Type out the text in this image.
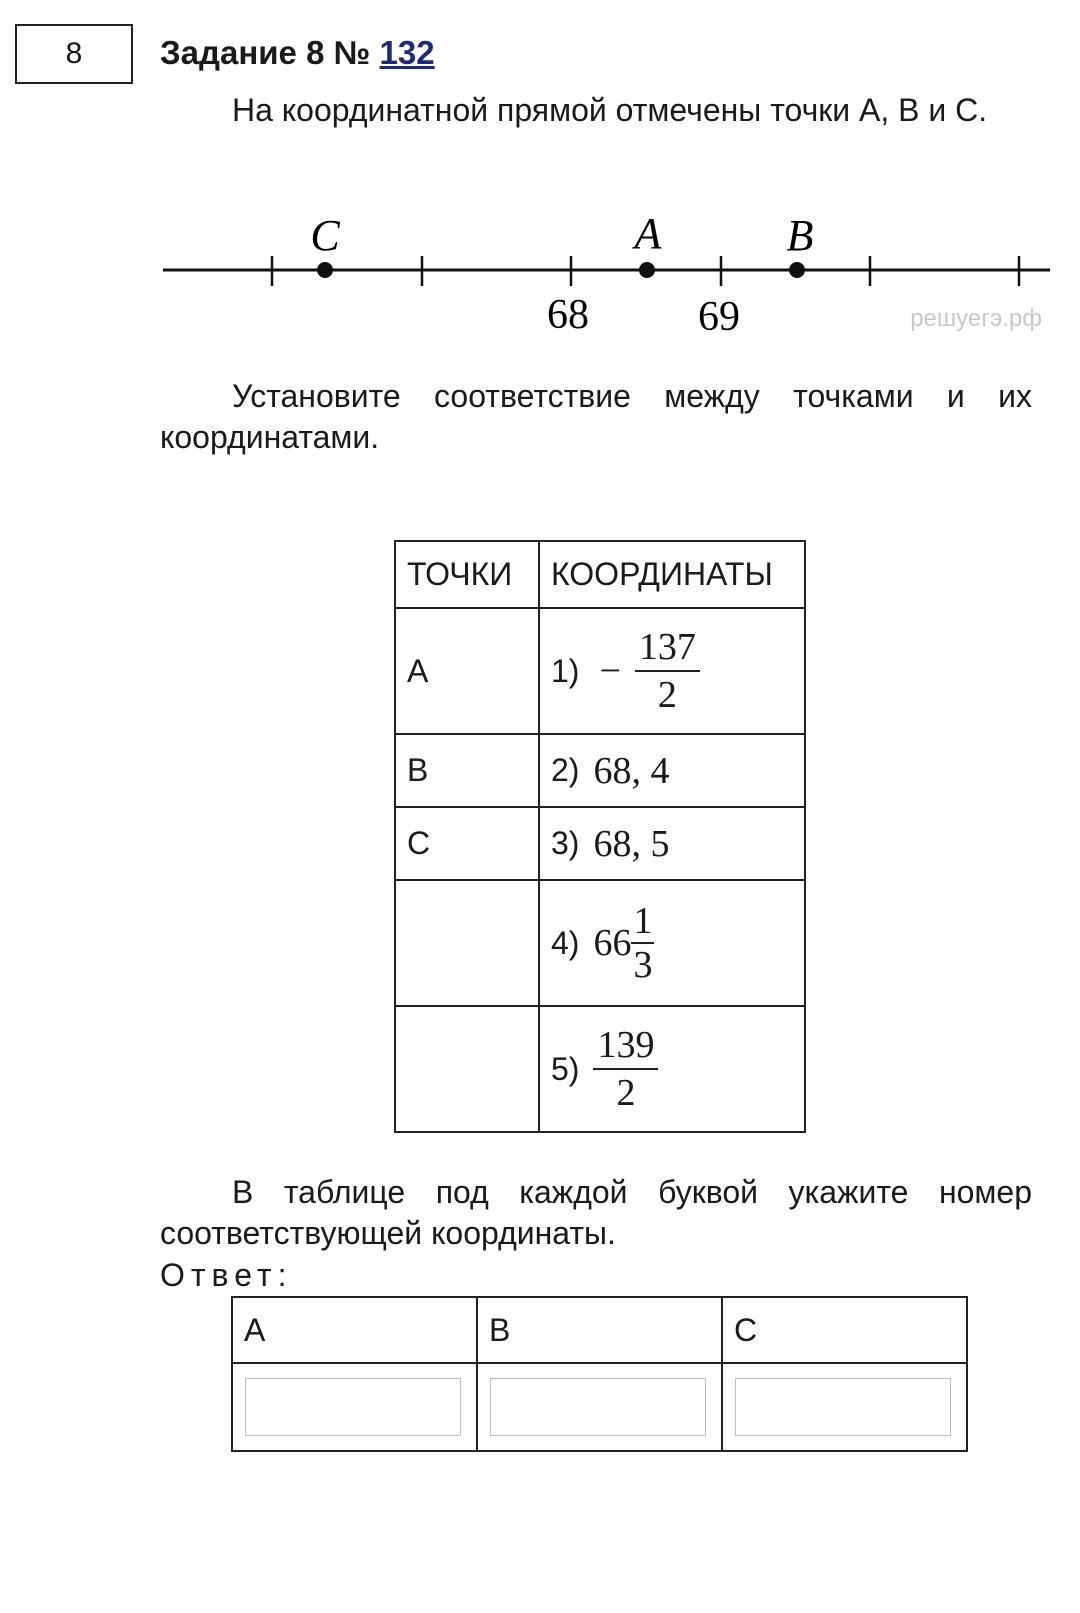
8 Задание 8 № 132

На координатной прямой отмечены точки A, B и C.

C	A	B
68	69	решуегэ.рф

Установите соответствие между точками и их координатами.

ТОЧКИ	КООРДИНАТЫ
A	$1) - \frac{137}{2}$

B	2) 68, 4

C	3) 68, 5

	4) $66 \frac{1}{3}$

	$5) \frac{139}{2}$

В таблице под каждой буквой укажите номер соответствующей координаты.

Ответ:
A	B	C
